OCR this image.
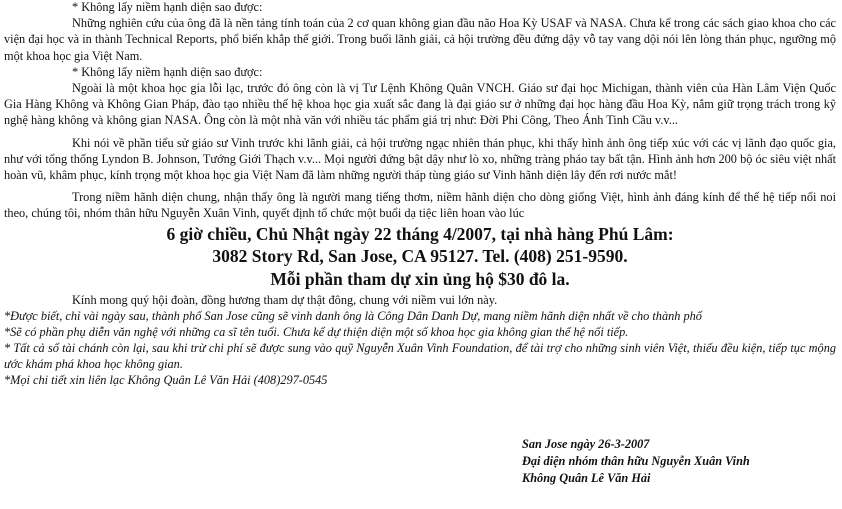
* Không lấy niềm hạnh diện sao được:

Những nghiên cứu của ông đã là nền tảng tính toán của 2 cơ quan không gian đầu não Hoa Kỳ USAF và NASA. Chưa kể trong các sách giao khoa cho các viện đại học và in thành Technical Reports, phổ biến khắp thế giới. Trong buổi lãnh giải, cả hội trường đều đứng dậy vỗ tay vang dội nói lên lòng thán phục, ngưỡng mộ một khoa học gia Việt Nam.

* Không lấy niềm hạnh diện sao được:

Ngoài là một khoa học gia lỗi lạc, trước đó ông còn là vị Tư Lệnh Không Quân VNCH. Giáo sư đại học Michigan, thành viên của Hàn Lâm Viện Quốc Gia Hàng Không và Không Gian Pháp, đào tạo nhiều thế hệ khoa học gia xuất sắc đang là đại giáo sư ở những đại học hàng đầu Hoa Kỳ, nắm giữ trọng trách trong kỹ nghệ hàng không và không gian NASA. Ông còn là một nhà văn với nhiều tác phẩm giá trị như: Đời Phi Công, Theo Ánh Tinh Cầu v.v...

Khi nói về phần tiểu sử giáo sư Vinh trước khi lãnh giải, cả hội trường ngạc nhiên thán phục, khi thấy hình ảnh ông tiếp xúc với các vị lãnh đạo quốc gia, như với tổng thống Lyndon B. Johnson, Tướng Giới Thạch v.v... Mọi người đứng bật dậy như lò xo, những tràng pháo tay bất tận. Hình ảnh hơn 200 bộ óc siêu việt nhất hoàn vũ, khâm phục, kính trọng một khoa học gia Việt Nam đã làm những người tháp tùng giáo sư Vinh hãnh diện lây đến rơi nước mắt!

Trong niềm hãnh diện chung, nhận thấy ông là người mang tiếng thơm, niềm hãnh diện cho dòng giống Việt, hình ảnh đáng kính để thế hệ tiếp nối noi theo, chúng tôi, nhóm thân hữu Nguyễn Xuân Vinh, quyết định tổ chức một buổi dạ tiệc liên hoan vào lúc

6 giờ chiều, Chủ Nhật ngày 22 tháng 4/2007, tại nhà hàng Phú Lâm:

3082 Story Rd, San Jose, CA 95127. Tel. (408) 251-9590.

Mỗi phần tham dự xin ủng hộ $30 đô la.

Kính mong quý hội đoàn, đồng hương tham dự thật đông, chung với niềm vui lớn này.

*Được biết, chỉ vài ngày sau, thành phố San Jose cũng sẽ vinh danh ông là Công Dân Danh Dự, mang niềm hãnh diện nhất về cho thành phố

*Sẽ có phần phụ diễn văn nghệ với những ca sĩ tên tuổi. Chưa kể dự thiện diện một số khoa học gia không gian thế hệ nối tiếp.

* Tất cả số tài chánh còn lại, sau khi trừ chi phí sẽ được sung vào quỹ Nguyễn Xuân Vinh Foundation, để tài trợ cho những sinh viên Việt, thiếu đều kiện, tiếp tục mộng ước khám phá khoa học không gian.

*Mọi chi tiết xin liên lạc Không Quân Lê Văn Hải (408)297-0545

San Jose ngày 26-3-2007
Đại diện nhóm thân hữu Nguyễn Xuân Vinh
Không Quân Lê Văn Hải
